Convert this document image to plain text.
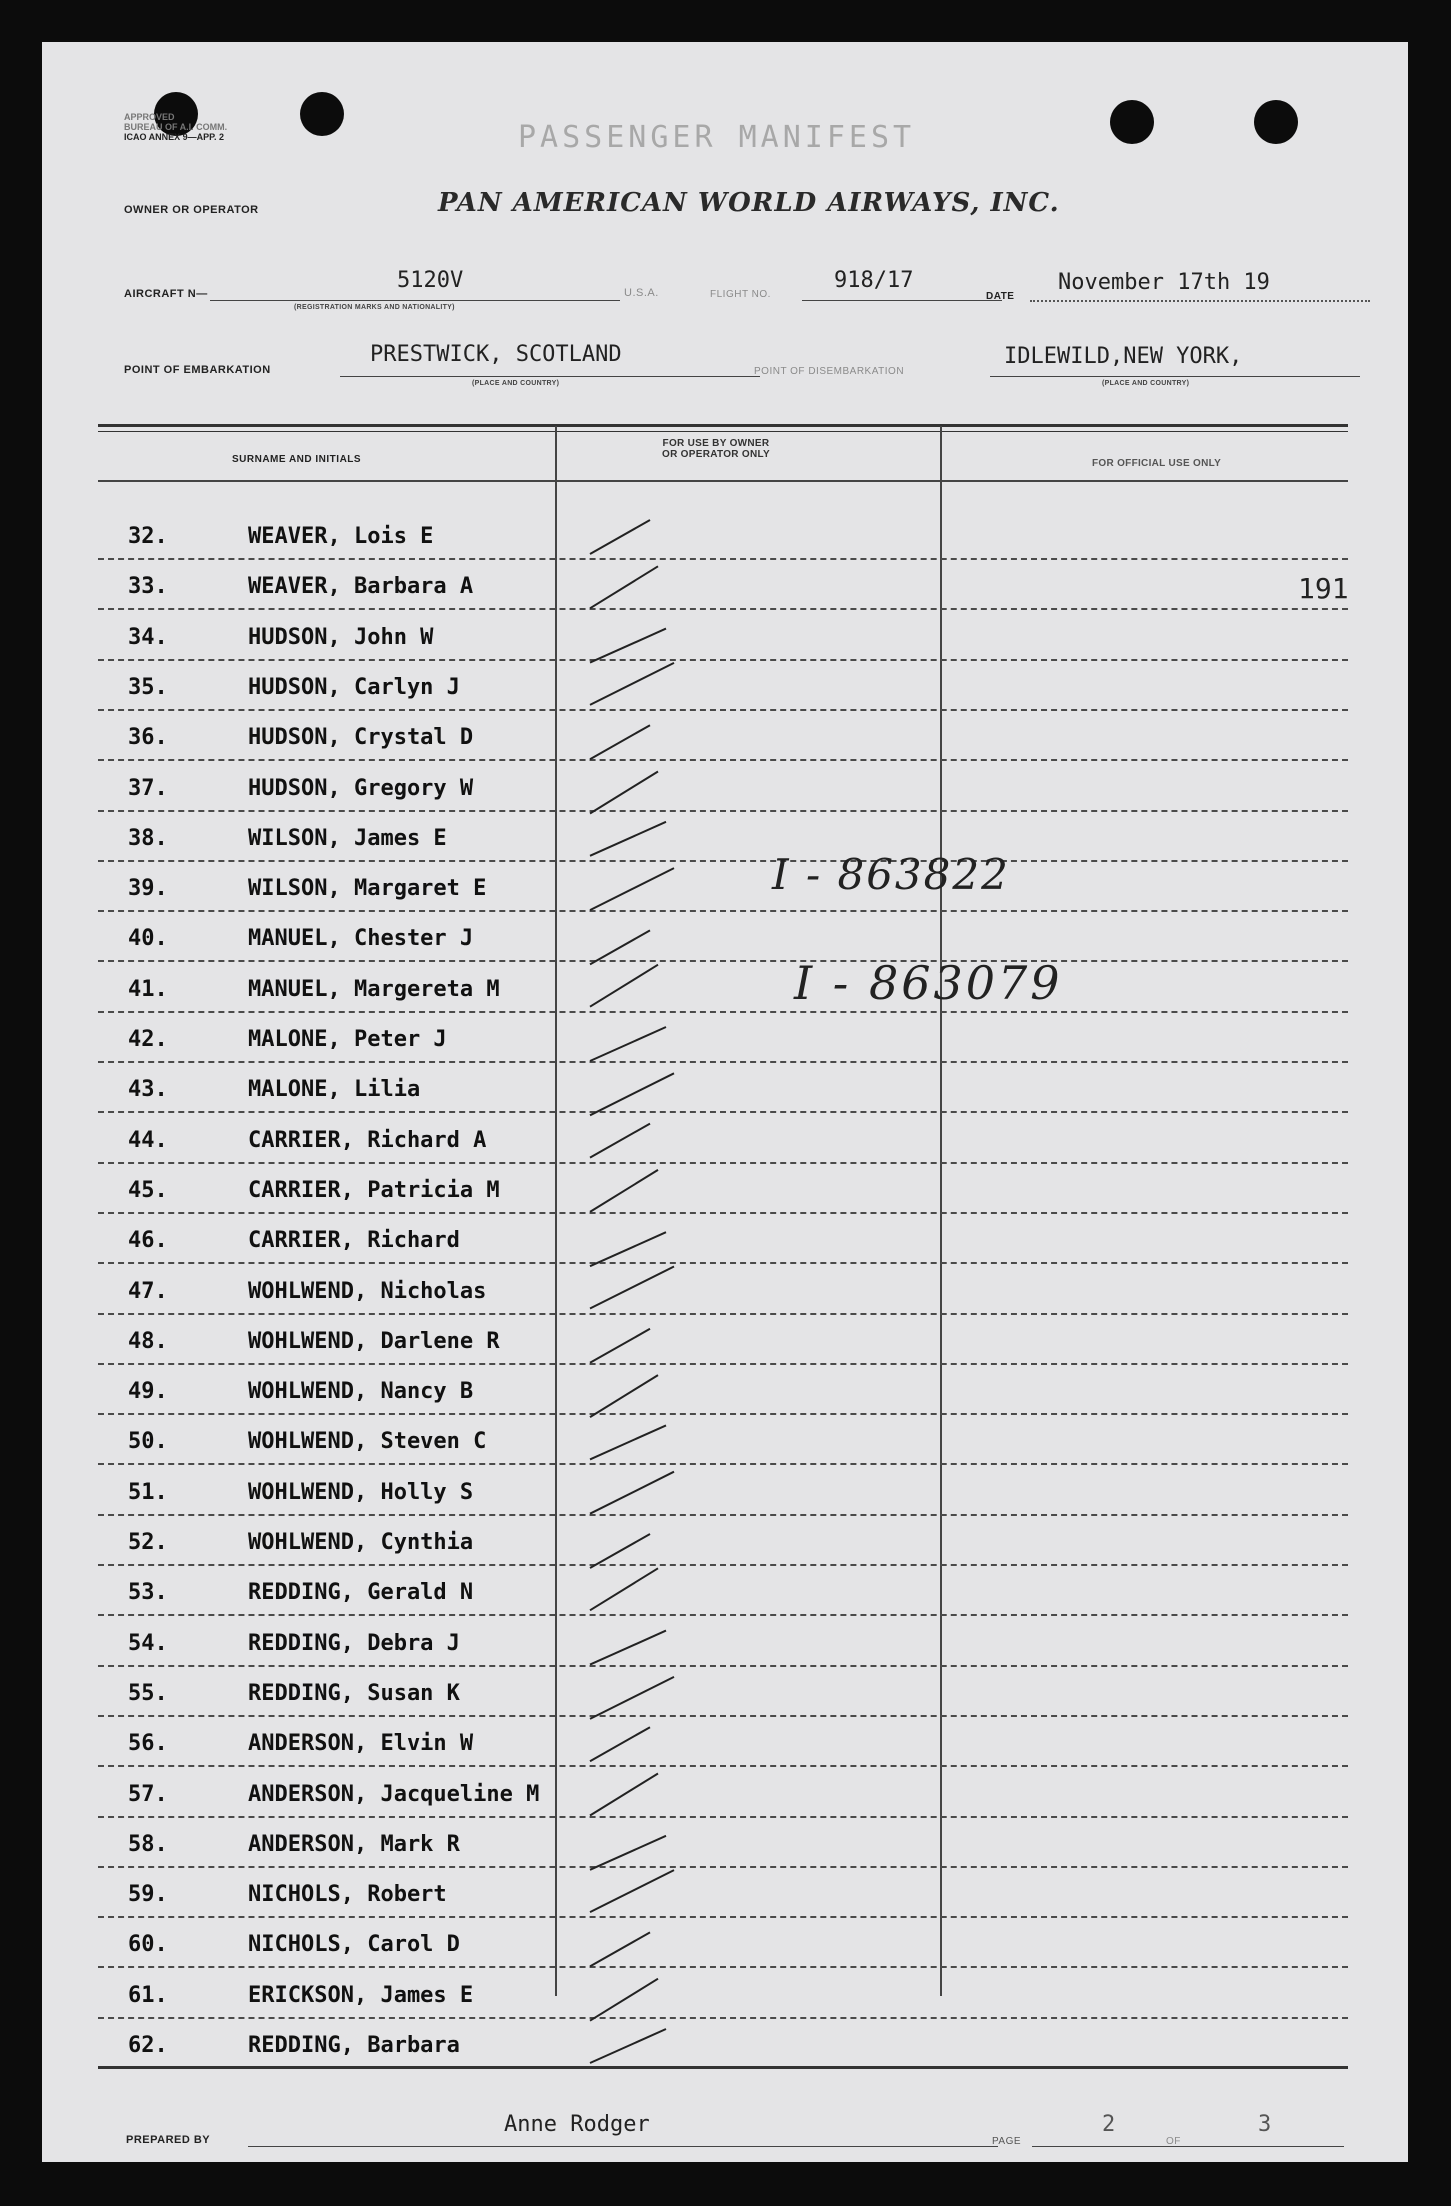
APPROVED
BUREAU OF A.I. COMM.
ICAO ANNEX 9—APP. 2	PASSENGER MANIFEST
OWNER OR OPERATOR	PAN AMERICAN WORLD AIRWAYS, INC.
AIRCRAFT N—
5120V
(REGISTRATION MARKS AND NATIONALITY)
U.S.A.	FLIGHT NO.
918/17
DATE
November 17th 19
POINT OF EMBARKATION
PRESTWICK, SCOTLAND
(PLACE AND COUNTRY)
POINT OF DISEMBARKATION
IDLEWILD,NEW YORK,
(PLACE AND COUNTRY)
SURNAME AND INITIALS
FOR USE BY OWNER
OR OPERATOR ONLY
FOR OFFICIAL USE ONLY
191
32.	WEAVER, Lois E
33.	WEAVER, Barbara A
34.	HUDSON, John W
35.	HUDSON, Carlyn J
36.	HUDSON, Crystal D
37.	HUDSON, Gregory W
38.	WILSON, James E
39.	WILSON, Margaret E
40.	MANUEL, Chester J
41.	MANUEL, Margereta M
42.	MALONE, Peter J
43.	MALONE, Lilia
44.	CARRIER, Richard A
45.	CARRIER, Patricia M
46.	CARRIER, Richard
47.	WOHLWEND, Nicholas
48.	WOHLWEND, Darlene R
49.	WOHLWEND, Nancy B
50.	WOHLWEND, Steven C
51.	WOHLWEND, Holly S
52.	WOHLWEND, Cynthia
53.	REDDING, Gerald N
54.	REDDING, Debra J
55.	REDDING, Susan K
56.	ANDERSON, Elvin W
57.	ANDERSON, Jacqueline M
58.	ANDERSON, Mark R
59.	NICHOLS, Robert
60.	NICHOLS, Carol D
61.	ERICKSON, James E
62.	REDDING, Barbara
I - 863822
I - 863079
PREPARED BY
Anne Rodger
PAGE
2
OF
3
